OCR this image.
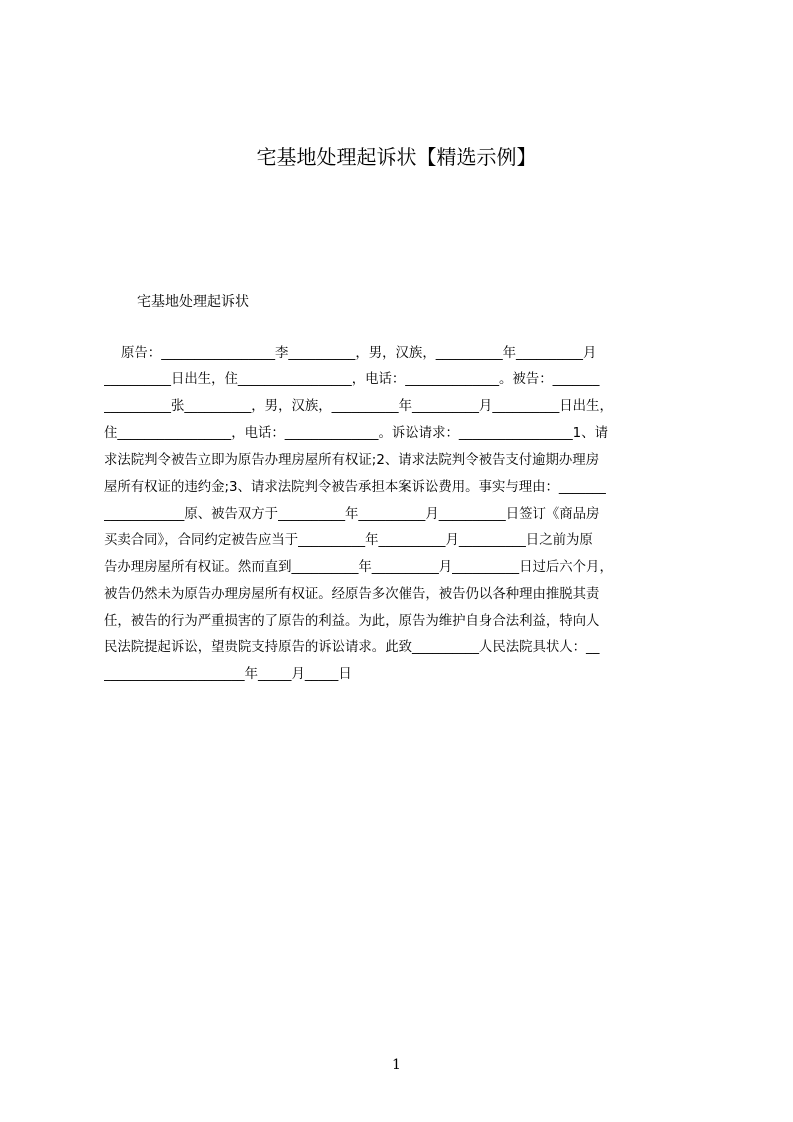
宅基地处理起诉状【精选示例】
宅基地处理起诉状
原告：_________________李__________，男，汉族，__________年__________月
__________日出生，住_________________，电话：______________。被告：_______
__________张__________，男，汉族，__________年__________月__________日出生，
住_________________，电话：______________。诉讼请求：_________________1、请
求法院判令被告立即为原告办理房屋所有权证;2、请求法院判令被告支付逾期办理房
屋所有权证的违约金;3、请求法院判令被告承担本案诉讼费用。事实与理由：_______
____________原、被告双方于__________年__________月__________日签订《商品房
买卖合同》，合同约定被告应当于__________年__________月__________日之前为原
告办理房屋所有权证。然而直到__________年__________月__________日过后六个月，
被告仍然未为原告办理房屋所有权证。经原告多次催告，被告仍以各种理由推脱其责
任，被告的行为严重损害的了原告的利益。为此，原告为维护自身合法利益，特向人
民法院提起诉讼，望贵院支持原告的诉讼请求。此致__________人民法院具状人：__
_____________________年_____月_____日
1
